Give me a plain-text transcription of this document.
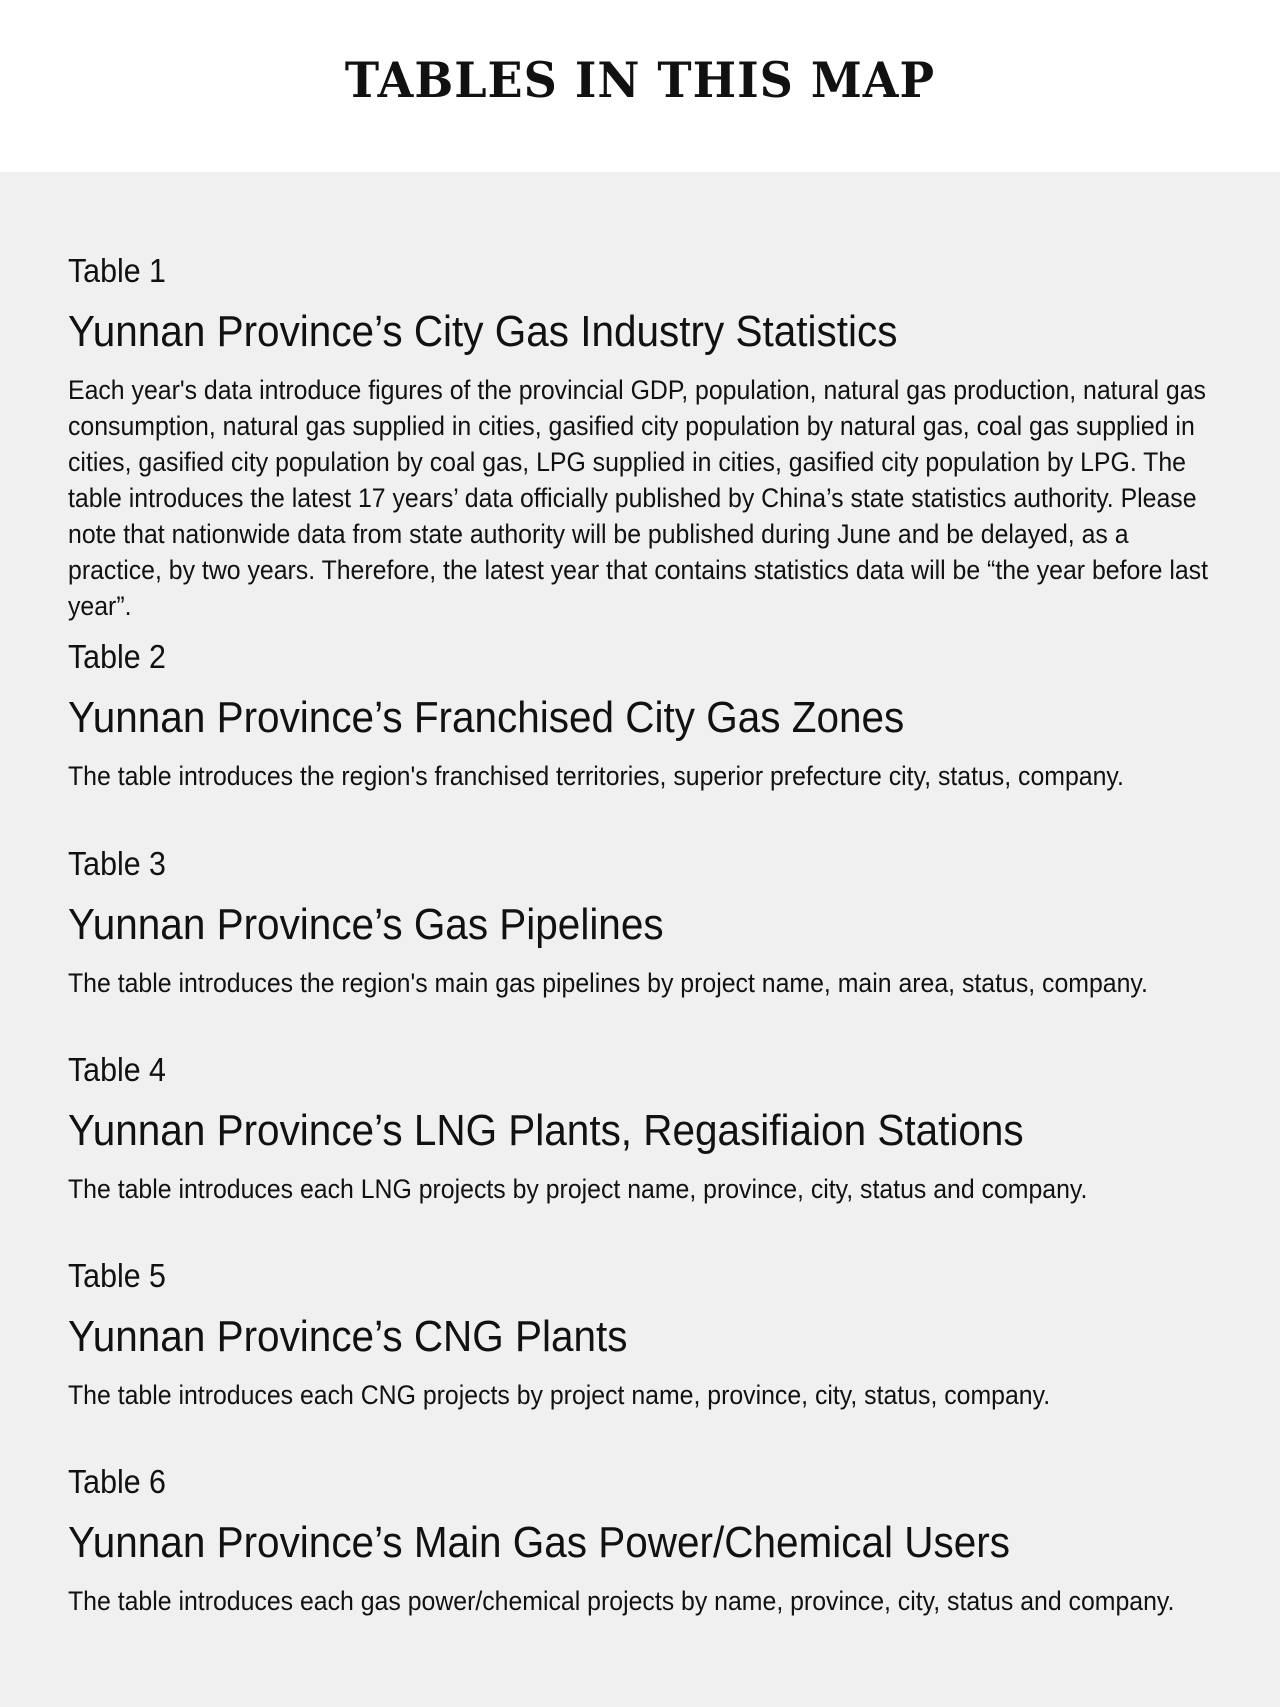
TABLES IN THIS MAP
Table 1
Yunnan Province’s City Gas Industry Statistics
Each year's data introduce figures of the provincial GDP, population, natural gas production, natural gas consumption, natural gas supplied in cities, gasified city population by natural gas, coal gas supplied in cities, gasified city population by coal gas, LPG supplied in cities, gasified city population by LPG. The table introduces the latest 17 years’ data officially published by China’s state statistics authority. Please note that nationwide data from state authority will be published during June and be delayed, as a practice, by two years. Therefore, the latest year that contains statistics data will be “the year before last year”.
Table 2
Yunnan Province’s Franchised City Gas Zones
The table introduces the region's franchised territories, superior prefecture city, status, company.
Table 3
Yunnan Province’s Gas Pipelines
The table introduces the region's main gas pipelines by project name, main area, status, company.
Table 4
Yunnan Province’s LNG Plants, Regasifiaion Stations
The table introduces each LNG projects by project name, province, city, status and company.
Table 5
Yunnan Province’s CNG Plants
The table introduces each CNG projects by project name, province, city, status, company.
Table 6
Yunnan Province’s Main Gas Power/Chemical Users
The table introduces each gas power/chemical projects by name, province, city, status and company.
